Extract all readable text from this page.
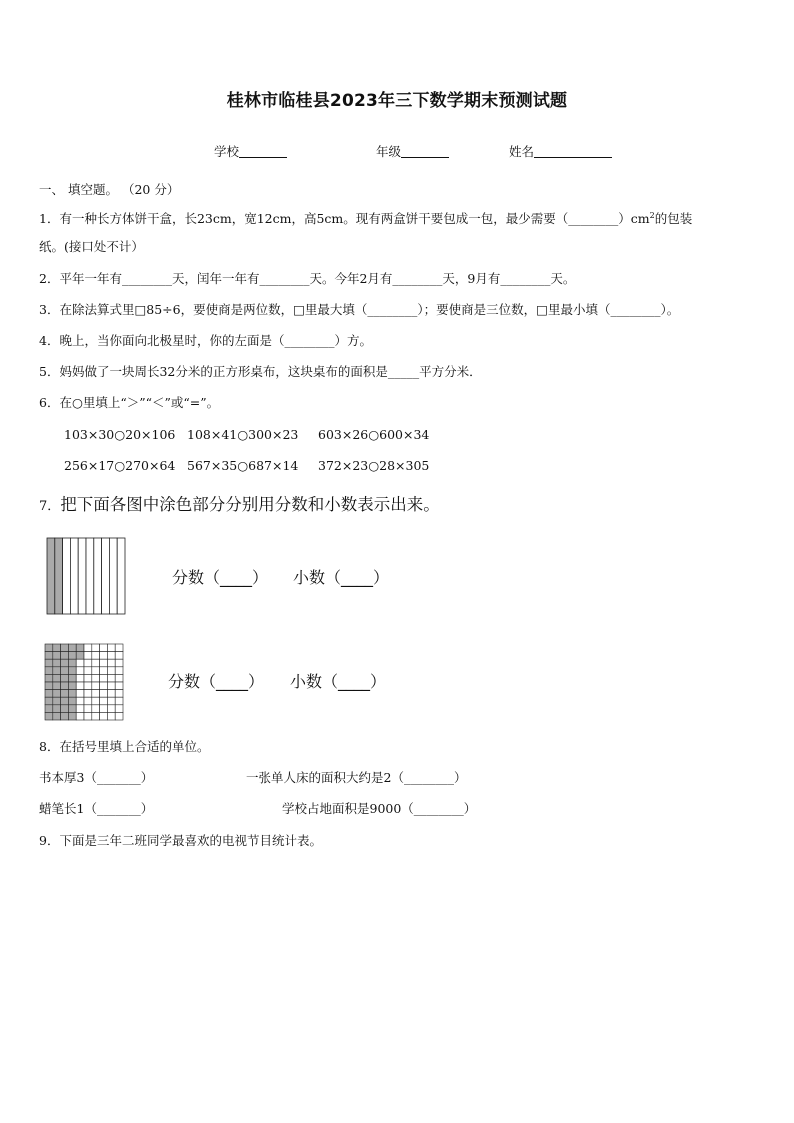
桂林市临桂县2023年三下数学期末预测试题
学校	年级	姓名
一、 填空题。 （20 分）
1．有一种长方体饼干盒，长23cm，宽12cm，高5cm。现有两盒饼干要包成一包，最少需要$(\_\_\_\_\_\_\_\_)cm^2$的包装
纸。(接口处不计）
2．平年一年有________天，闰年一年有________天。今年2月有________天，9月有________天。
3．在除法算式里□85÷6，要使商是两位数，□里最大填（________）；要使商是三位数，□里最小填（________）。
4．晚上，当你面向北极星时，你的左面是（________）方。
5．妈妈做了一块周长32分米的正方形桌布，这块桌布的面积是_____平方分米．
6．在○里填上“＞”“＜”或“=”。
103×30○20×106 108×41○300×23 603×26○600×34
256×17○270×64 567×35○687×14 372×23○28×305
7．把下面各图中涂色部分分别用分数和小数表示出来。
分数（____） 小数（____）
分数（____） 小数（____）
8．在括号里填上合适的单位。
书本厚3（_______）	一张单人床的面积大约是2（________）
蜡笔长1（_______）	学校占地面积是9000（________）
9．下面是三年二班同学最喜欢的电视节目统计表。
